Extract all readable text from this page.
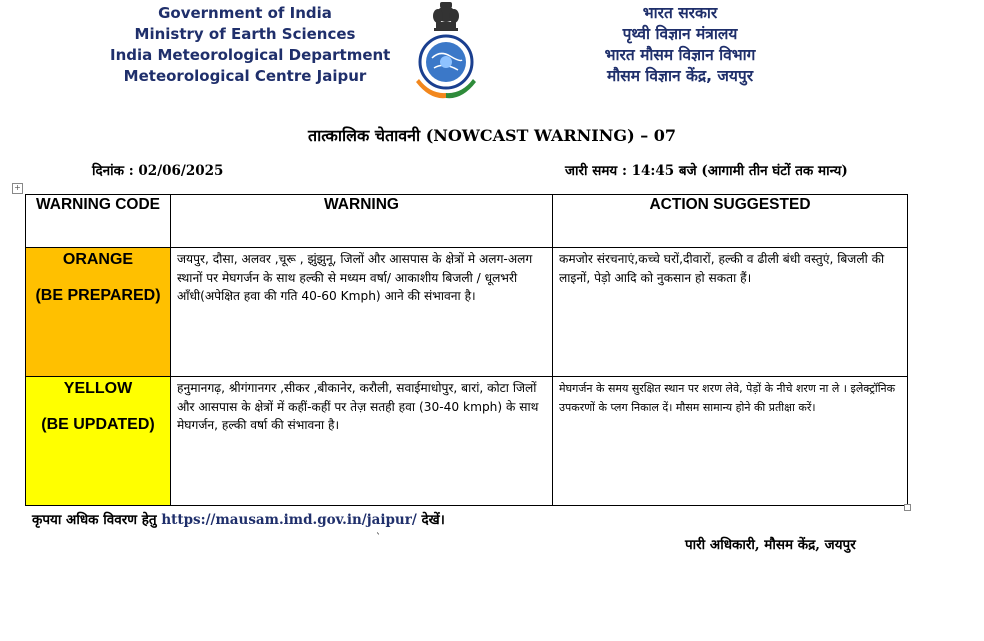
Government of India
Ministry of Earth Sciences
India Meteorological Department
Meteorological Centre Jaipur
भारत सरकार
पृथ्वी विज्ञान मंत्रालय
भारत मौसम विज्ञान विभाग
मौसम विज्ञान केंद्र, जयपुर
तात्कालिक चेतावनी (NOWCAST WARNING) – 07
दिनांक : 02/06/2025	जारी समय : 14:45 बजे (आगामी तीन घंटों तक मान्य)
+
WARNING CODE	WARNING	ACTION SUGGESTED

ORANGE
(BE PREPARED)	जयपुर, दौसा, अलवर ,चूरू , झुंझुनू, जिलों और आसपास के क्षेत्रों मे अलग-अलग स्थानों पर मेघगर्जन के साथ हल्की से मध्यम वर्षा/ आकाशीय बिजली / धूलभरी आँधी(अपेक्षित हवा की गति 40-60 Kmph) आने की संभावना है।	कमजोर संरचनाएं,कच्चे घरों,दीवारों, हल्की व ढीली बंधी वस्तुएं, बिजली की लाइनों, पेड़ो आदि को नुकसान हो सकता हैं।

YELLOW
(BE UPDATED)	हनुमानगढ़, श्रीगंगानगर ,सीकर ,बीकानेर, करौली, सवाईमाधोपुर, बारां, कोटा जिलों और आसपास के क्षेत्रों में कहीं-कहीं पर तेज़ सतही हवा (30-40 kmph) के साथ मेघगर्जन, हल्की वर्षा की संभावना है।	मेघगर्जन के समय सुरक्षित स्थान पर शरण लेवे, पेड़ों के नीचे शरण ना ले । इलेक्ट्रॉनिक उपकरणों के प्लग निकाल दें। मौसम सामान्य होने की प्रतीक्षा करें।
कृपया अधिक विवरण हेतु https://mausam.imd.gov.in/jaipur/ देखें।
`	पारी अधिकारी, मौसम केंद्र, जयपुर
